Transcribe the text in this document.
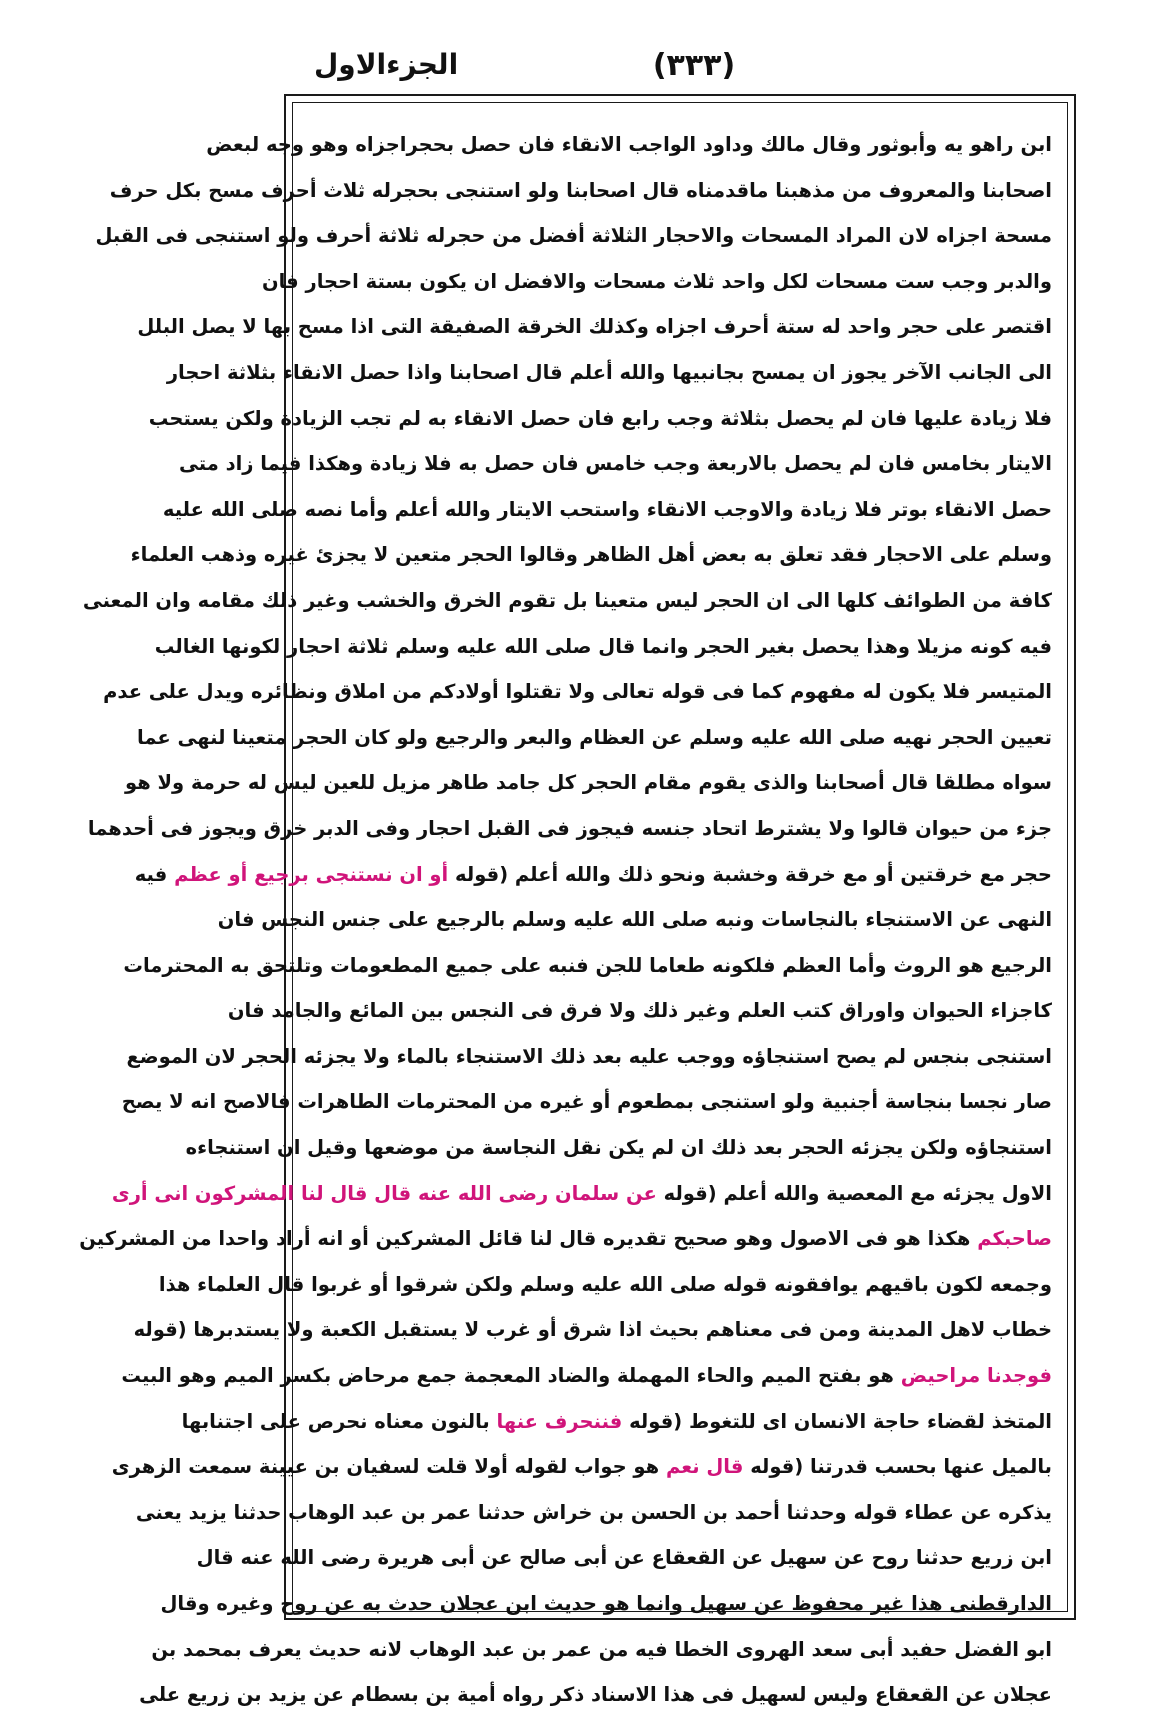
الجزءالاول	(٣٣٣)
ابن راهو يه وأبوثور وقال مالك وداود الواجب الانقاء فان حصل بحجراجزاه وهو وجه لبعض
اصحابنا والمعروف من مذهبنا ماقدمناه قال اصحابنا ولو استنجى بحجرله ثلاث أحرف مسح بكل حرف
مسحة اجزاه لان المراد المسحات والاحجار الثلاثة أفضل من حجرله ثلاثة أحرف ولو استنجى فى القبل
والدبر وجب ست مسحات لكل واحد ثلاث مسحات والافضل ان يكون بستة احجار فان
اقتصر على حجر واحد له ستة أحرف اجزاه وكذلك الخرقة الصفيقة التى اذا مسح بها لا يصل البلل
الى الجانب الآخر يجوز ان يمسح بجانبيها والله أعلم قال اصحابنا واذا حصل الانقاء بثلاثة احجار
فلا زيادة عليها فان لم يحصل بثلاثة وجب رابع فان حصل الانقاء به لم تجب الزيادة ولكن يستحب
الايتار بخامس فان لم يحصل بالاربعة وجب خامس فان حصل به فلا زيادة وهكذا فيما زاد متى
حصل الانقاء بوتر فلا زيادة والاوجب الانقاء واستحب الايتار والله أعلم وأما نصه صلى الله عليه
وسلم على الاحجار فقد تعلق به بعض أهل الظاهر وقالوا الحجر متعين لا يجزئ غيره وذهب العلماء
كافة من الطوائف كلها الى ان الحجر ليس متعينا بل تقوم الخرق والخشب وغير ذلك مقامه وان المعنى
فيه كونه مزيلا وهذا يحصل بغير الحجر وانما قال صلى الله عليه وسلم ثلاثة احجار لكونها الغالب
المتيسر فلا يكون له مفهوم كما فى قوله تعالى ولا تقتلوا أولادكم من املاق ونظائره ويدل على عدم
تعيين الحجر نهيه صلى الله عليه وسلم عن العظام والبعر والرجيع ولو كان الحجر متعينا لنهى عما
سواه مطلقا قال أصحابنا والذى يقوم مقام الحجر كل جامد طاهر مزيل للعين ليس له حرمة ولا هو
جزء من حيوان قالوا ولا يشترط اتحاد جنسه فيجوز فى القبل احجار وفى الدبر خرق ويجوز فى أحدهما
حجر مع خرقتين أو مع خرقة وخشبة ونحو ذلك والله أعلم (قوله أو ان نستنجى برجيع أو عظم فيه
النهى عن الاستنجاء بالنجاسات ونبه صلى الله عليه وسلم بالرجيع على جنس النجس فان
الرجيع هو الروث وأما العظم فلكونه طعاما للجن فنبه على جميع المطعومات وتلتحق به المحترمات
كاجزاء الحيوان واوراق كتب العلم وغير ذلك ولا فرق فى النجس بين المائع والجامد فان
استنجى بنجس لم يصح استنجاؤه ووجب عليه بعد ذلك الاستنجاء بالماء ولا يجزئه الحجر لان الموضع
صار نجسا بنجاسة أجنبية ولو استنجى بمطعوم أو غيره من المحترمات الطاهرات فالاصح انه لا يصح
استنجاؤه ولكن يجزئه الحجر بعد ذلك ان لم يكن نقل النجاسة من موضعها وقيل ان استنجاءه
الاول يجزئه مع المعصية والله أعلم (قوله عن سلمان رضى الله عنه قال قال لنا المشركون انى أرى
صاحبكم هكذا هو فى الاصول وهو صحيح تقديره قال لنا قائل المشركين أو انه أراد واحدا من المشركين
وجمعه لكون باقيهم يوافقونه قوله صلى الله عليه وسلم ولكن شرقوا أو غربوا قال العلماء هذا
خطاب لاهل المدينة ومن فى معناهم بحيث اذا شرق أو غرب لا يستقبل الكعبة ولا يستدبرها (قوله
فوجدنا مراحيض هو بفتح الميم والحاء المهملة والضاد المعجمة جمع مرحاض بكسر الميم وهو البيت
المتخذ لقضاء حاجة الانسان اى للتغوط (قوله فننحرف عنها بالنون معناه نحرص على اجتنابها
بالميل عنها بحسب قدرتنا (قوله قال نعم هو جواب لقوله أولا قلت لسفيان بن عيينة سمعت الزهرى
يذكره عن عطاء قوله وحدثنا أحمد بن الحسن بن خراش حدثنا عمر بن عبد الوهاب حدثنا يزيد يعنى
ابن زريع حدثنا روح عن سهيل عن القعقاع عن أبى صالح عن أبى هريرة رضى الله عنه قال
الدارقطنى هذا غير محفوظ عن سهيل وانما هو حديث ابن عجلان حدث به عن روح وغيره وقال
ابو الفضل حفيد أبى سعد الهروى الخطا فيه من عمر بن عبد الوهاب لانه حديث يعرف بمحمد بن
عجلان عن القعقاع وليس لسهيل فى هذا الاسناد ذكر رواه أمية بن بسطام عن يزيد بن زريع على
